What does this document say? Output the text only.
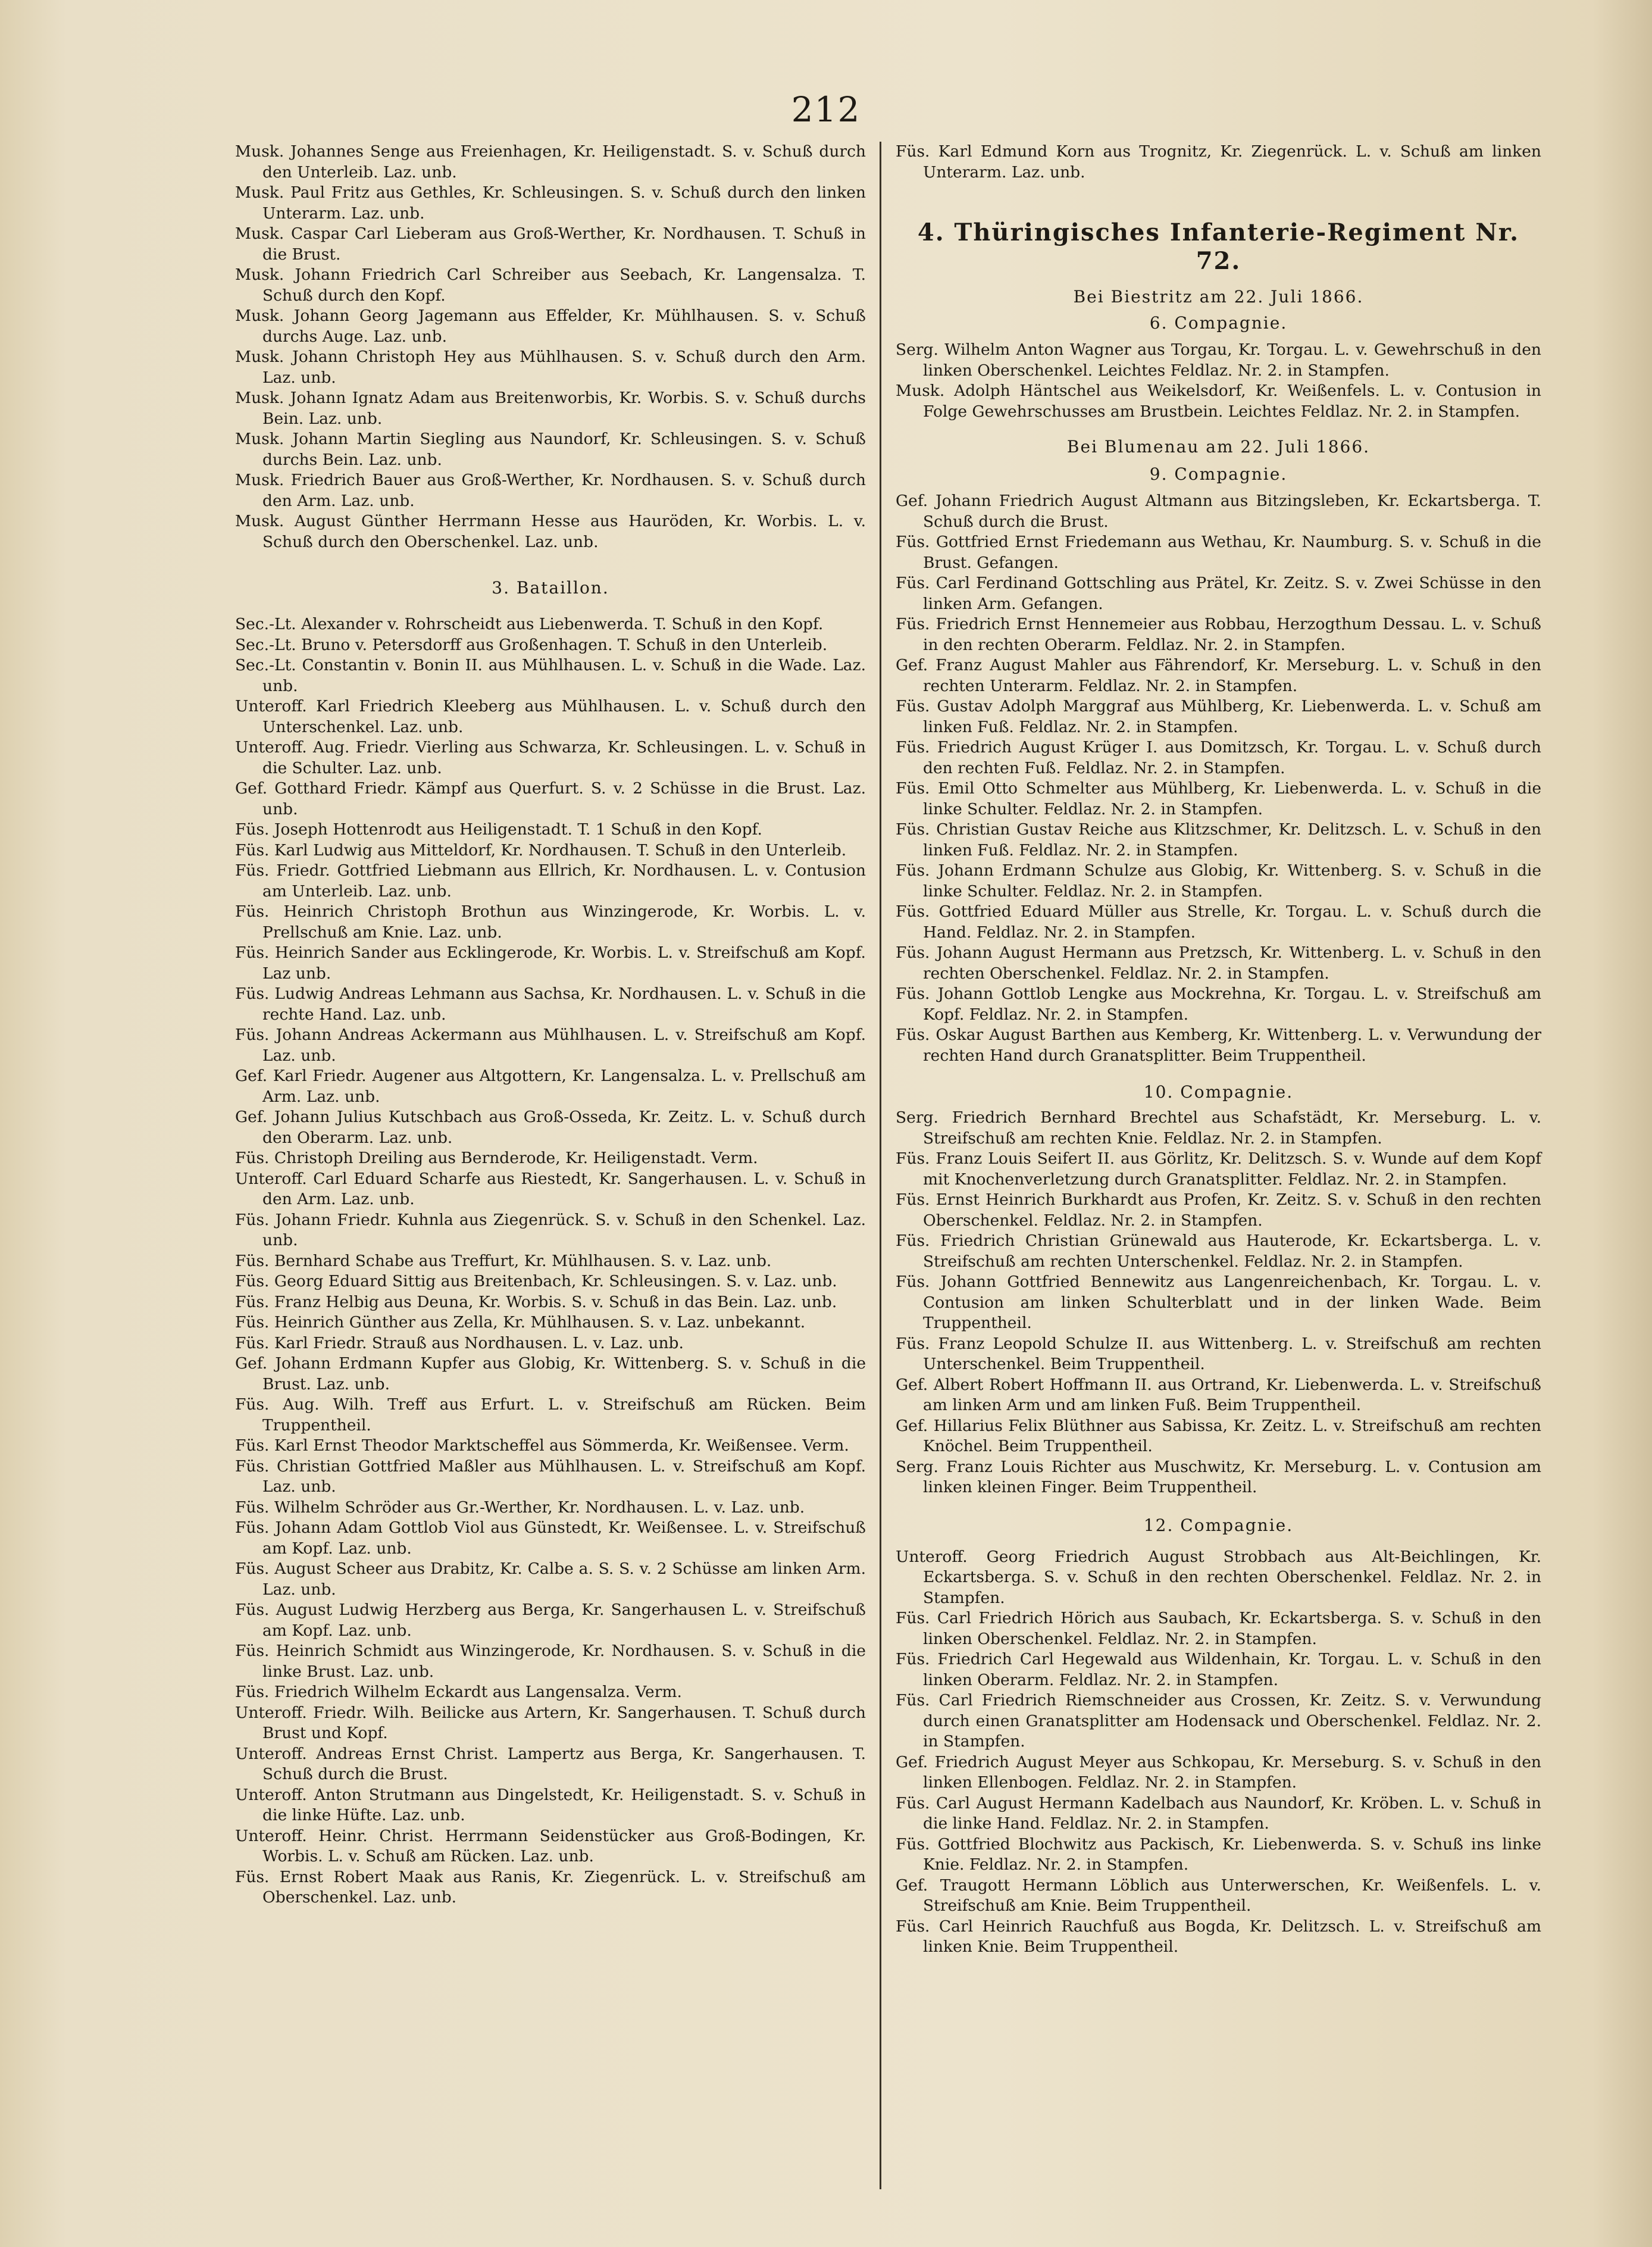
212

Musk. Johannes Senge aus Freienhagen, Kr. Heiligenstadt. S. v. Schuß durch den Unterleib. Laz. unb.

Musk. Paul Fritz aus Gethles, Kr. Schleusingen. S. v. Schuß durch den linken Unterarm. Laz. unb.

Musk. Caspar Carl Lieberam aus Groß-Werther, Kr. Nordhausen. T. Schuß in die Brust.

Musk. Johann Friedrich Carl Schreiber aus Seebach, Kr. Langensalza. T. Schuß durch den Kopf.

Musk. Johann Georg Jagemann aus Effelder, Kr. Mühlhausen. S. v. Schuß durchs Auge. Laz. unb.

Musk. Johann Christoph Hey aus Mühlhausen. S. v. Schuß durch den Arm. Laz. unb.

Musk. Johann Ignatz Adam aus Breitenworbis, Kr. Worbis. S. v. Schuß durchs Bein. Laz. unb.

Musk. Johann Martin Siegling aus Naundorf, Kr. Schleusingen. S. v. Schuß durchs Bein. Laz. unb.

Musk. Friedrich Bauer aus Groß-Werther, Kr. Nordhausen. S. v. Schuß durch den Arm. Laz. unb.

Musk. August Günther Herrmann Hesse aus Hauröden, Kr. Worbis. L. v. Schuß durch den Oberschenkel. Laz. unb.

3. Bataillon.

Sec.-Lt. Alexander v. Rohrscheidt aus Liebenwerda. T. Schuß in den Kopf.

Sec.-Lt. Bruno v. Petersdorff aus Großenhagen. T. Schuß in den Unterleib.

Sec.-Lt. Constantin v. Bonin II. aus Mühlhausen. L. v. Schuß in die Wade. Laz. unb.

Unteroff. Karl Friedrich Kleeberg aus Mühlhausen. L. v. Schuß durch den Unterschenkel. Laz. unb.

Unteroff. Aug. Friedr. Vierling aus Schwarza, Kr. Schleusingen. L. v. Schuß in die Schulter. Laz. unb.

Gef. Gotthard Friedr. Kämpf aus Querfurt. S. v. 2 Schüsse in die Brust. Laz. unb.

Füs. Joseph Hottenrodt aus Heiligenstadt. T. 1 Schuß in den Kopf.

Füs. Karl Ludwig aus Mitteldorf, Kr. Nordhausen. T. Schuß in den Unterleib.

Füs. Friedr. Gottfried Liebmann aus Ellrich, Kr. Nordhausen. L. v. Contusion am Unterleib. Laz. unb.

Füs. Heinrich Christoph Brothun aus Winzingerode, Kr. Worbis. L. v. Prellschuß am Knie. Laz. unb.

Füs. Heinrich Sander aus Ecklingerode, Kr. Worbis. L. v. Streifschuß am Kopf. Laz unb.

Füs. Ludwig Andreas Lehmann aus Sachsa, Kr. Nordhausen. L. v. Schuß in die rechte Hand. Laz. unb.

Füs. Johann Andreas Ackermann aus Mühlhausen. L. v. Streifschuß am Kopf. Laz. unb.

Gef. Karl Friedr. Augener aus Altgottern, Kr. Langensalza. L. v. Prellschuß am Arm. Laz. unb.

Gef. Johann Julius Kutschbach aus Groß-Osseda, Kr. Zeitz. L. v. Schuß durch den Oberarm. Laz. unb.

Füs. Christoph Dreiling aus Bernderode, Kr. Heiligenstadt. Verm.

Unteroff. Carl Eduard Scharfe aus Riestedt, Kr. Sangerhausen. L. v. Schuß in den Arm. Laz. unb.

Füs. Johann Friedr. Kuhnla aus Ziegenrück. S. v. Schuß in den Schenkel. Laz. unb.

Füs. Bernhard Schabe aus Treffurt, Kr. Mühlhausen. S. v. Laz. unb.

Füs. Georg Eduard Sittig aus Breitenbach, Kr. Schleusingen. S. v. Laz. unb.

Füs. Franz Helbig aus Deuna, Kr. Worbis. S. v. Schuß in das Bein. Laz. unb.

Füs. Heinrich Günther aus Zella, Kr. Mühlhausen. S. v. Laz. unbekannt.

Füs. Karl Friedr. Strauß aus Nordhausen. L. v. Laz. unb.

Gef. Johann Erdmann Kupfer aus Globig, Kr. Wittenberg. S. v. Schuß in die Brust. Laz. unb.

Füs. Aug. Wilh. Treff aus Erfurt. L. v. Streifschuß am Rücken. Beim Truppentheil.

Füs. Karl Ernst Theodor Marktscheffel aus Sömmerda, Kr. Weißensee. Verm.

Füs. Christian Gottfried Maßler aus Mühlhausen. L. v. Streifschuß am Kopf. Laz. unb.

Füs. Wilhelm Schröder aus Gr.-Werther, Kr. Nordhausen. L. v. Laz. unb.

Füs. Johann Adam Gottlob Viol aus Günstedt, Kr. Weißensee. L. v. Streifschuß am Kopf. Laz. unb.

Füs. August Scheer aus Drabitz, Kr. Calbe a. S. S. v. 2 Schüsse am linken Arm. Laz. unb.

Füs. August Ludwig Herzberg aus Berga, Kr. Sangerhausen L. v. Streifschuß am Kopf. Laz. unb.

Füs. Heinrich Schmidt aus Winzingerode, Kr. Nordhausen. S. v. Schuß in die linke Brust. Laz. unb.

Füs. Friedrich Wilhelm Eckardt aus Langensalza. Verm.

Unteroff. Friedr. Wilh. Beilicke aus Artern, Kr. Sangerhausen. T. Schuß durch Brust und Kopf.

Unteroff. Andreas Ernst Christ. Lampertz aus Berga, Kr. Sangerhausen. T. Schuß durch die Brust.

Unteroff. Anton Strutmann aus Dingelstedt, Kr. Heiligenstadt. S. v. Schuß in die linke Hüfte. Laz. unb.

Unteroff. Heinr. Christ. Herrmann Seidenstücker aus Groß-Bodingen, Kr. Worbis. L. v. Schuß am Rücken. Laz. unb.

Füs. Ernst Robert Maak aus Ranis, Kr. Ziegenrück. L. v. Streifschuß am Oberschenkel. Laz. unb.

Füs. Karl Edmund Korn aus Trognitz, Kr. Ziegenrück. L. v. Schuß am linken Unterarm. Laz. unb.

4. Thüringisches Infanterie-Regiment Nr. 72.
Bei Biestritz am 22. Juli 1866.
6. Compagnie.

Serg. Wilhelm Anton Wagner aus Torgau, Kr. Torgau. L. v. Gewehrschuß in den linken Oberschenkel. Leichtes Feldlaz. Nr. 2. in Stampfen.

Musk. Adolph Häntschel aus Weikelsdorf, Kr. Weißenfels. L. v. Contusion in Folge Gewehrschusses am Brustbein. Leichtes Feldlaz. Nr. 2. in Stampfen.

Bei Blumenau am 22. Juli 1866.
9. Compagnie.

Gef. Johann Friedrich August Altmann aus Bitzingsleben, Kr. Eckartsberga. T. Schuß durch die Brust.

Füs. Gottfried Ernst Friedemann aus Wethau, Kr. Naumburg. S. v. Schuß in die Brust. Gefangen.

Füs. Carl Ferdinand Gottschling aus Prätel, Kr. Zeitz. S. v. Zwei Schüsse in den linken Arm. Gefangen.

Füs. Friedrich Ernst Hennemeier aus Robbau, Herzogthum Dessau. L. v. Schuß in den rechten Oberarm. Feldlaz. Nr. 2. in Stampfen.

Gef. Franz August Mahler aus Fährendorf, Kr. Merseburg. L. v. Schuß in den rechten Unterarm. Feldlaz. Nr. 2. in Stampfen.

Füs. Gustav Adolph Marggraf aus Mühlberg, Kr. Liebenwerda. L. v. Schuß am linken Fuß. Feldlaz. Nr. 2. in Stampfen.

Füs. Friedrich August Krüger I. aus Domitzsch, Kr. Torgau. L. v. Schuß durch den rechten Fuß. Feldlaz. Nr. 2. in Stampfen.

Füs. Emil Otto Schmelter aus Mühlberg, Kr. Liebenwerda. L. v. Schuß in die linke Schulter. Feldlaz. Nr. 2. in Stampfen.

Füs. Christian Gustav Reiche aus Klitzschmer, Kr. Delitzsch. L. v. Schuß in den linken Fuß. Feldlaz. Nr. 2. in Stampfen.

Füs. Johann Erdmann Schulze aus Globig, Kr. Wittenberg. S. v. Schuß in die linke Schulter. Feldlaz. Nr. 2. in Stampfen.

Füs. Gottfried Eduard Müller aus Strelle, Kr. Torgau. L. v. Schuß durch die Hand. Feldlaz. Nr. 2. in Stampfen.

Füs. Johann August Hermann aus Pretzsch, Kr. Wittenberg. L. v. Schuß in den rechten Oberschenkel. Feldlaz. Nr. 2. in Stampfen.

Füs. Johann Gottlob Lengke aus Mockrehna, Kr. Torgau. L. v. Streifschuß am Kopf. Feldlaz. Nr. 2. in Stampfen.

Füs. Oskar August Barthen aus Kemberg, Kr. Wittenberg. L. v. Verwundung der rechten Hand durch Granatsplitter. Beim Truppentheil.

10. Compagnie.

Serg. Friedrich Bernhard Brechtel aus Schafstädt, Kr. Merseburg. L. v. Streifschuß am rechten Knie. Feldlaz. Nr. 2. in Stampfen.

Füs. Franz Louis Seifert II. aus Görlitz, Kr. Delitzsch. S. v. Wunde auf dem Kopf mit Knochenverletzung durch Granatsplitter. Feldlaz. Nr. 2. in Stampfen.

Füs. Ernst Heinrich Burkhardt aus Profen, Kr. Zeitz. S. v. Schuß in den rechten Oberschenkel. Feldlaz. Nr. 2. in Stampfen.

Füs. Friedrich Christian Grünewald aus Hauterode, Kr. Eckartsberga. L. v. Streifschuß am rechten Unterschenkel. Feldlaz. Nr. 2. in Stampfen.

Füs. Johann Gottfried Bennewitz aus Langenreichenbach, Kr. Torgau. L. v. Contusion am linken Schulterblatt und in der linken Wade. Beim Truppentheil.

Füs. Franz Leopold Schulze II. aus Wittenberg. L. v. Streifschuß am rechten Unterschenkel. Beim Truppentheil.

Gef. Albert Robert Hoffmann II. aus Ortrand, Kr. Liebenwerda. L. v. Streifschuß am linken Arm und am linken Fuß. Beim Truppentheil.

Gef. Hillarius Felix Blüthner aus Sabissa, Kr. Zeitz. L. v. Streifschuß am rechten Knöchel. Beim Truppentheil.

Serg. Franz Louis Richter aus Muschwitz, Kr. Merseburg. L. v. Contusion am linken kleinen Finger. Beim Truppentheil.

12. Compagnie.

Unteroff. Georg Friedrich August Strobbach aus Alt-Beichlingen, Kr. Eckartsberga. S. v. Schuß in den rechten Oberschenkel. Feldlaz. Nr. 2. in Stampfen.

Füs. Carl Friedrich Hörich aus Saubach, Kr. Eckartsberga. S. v. Schuß in den linken Oberschenkel. Feldlaz. Nr. 2. in Stampfen.

Füs. Friedrich Carl Hegewald aus Wildenhain, Kr. Torgau. L. v. Schuß in den linken Oberarm. Feldlaz. Nr. 2. in Stampfen.

Füs. Carl Friedrich Riemschneider aus Crossen, Kr. Zeitz. S. v. Verwundung durch einen Granatsplitter am Hodensack und Oberschenkel. Feldlaz. Nr. 2. in Stampfen.

Gef. Friedrich August Meyer aus Schkopau, Kr. Merseburg. S. v. Schuß in den linken Ellenbogen. Feldlaz. Nr. 2. in Stampfen.

Füs. Carl August Hermann Kadelbach aus Naundorf, Kr. Kröben. L. v. Schuß in die linke Hand. Feldlaz. Nr. 2. in Stampfen.

Füs. Gottfried Blochwitz aus Packisch, Kr. Liebenwerda. S. v. Schuß ins linke Knie. Feldlaz. Nr. 2. in Stampfen.

Gef. Traugott Hermann Löblich aus Unterwerschen, Kr. Weißenfels. L. v. Streifschuß am Knie. Beim Truppentheil.

Füs. Carl Heinrich Rauchfuß aus Bogda, Kr. Delitzsch. L. v. Streifschuß am linken Knie. Beim Truppentheil.
